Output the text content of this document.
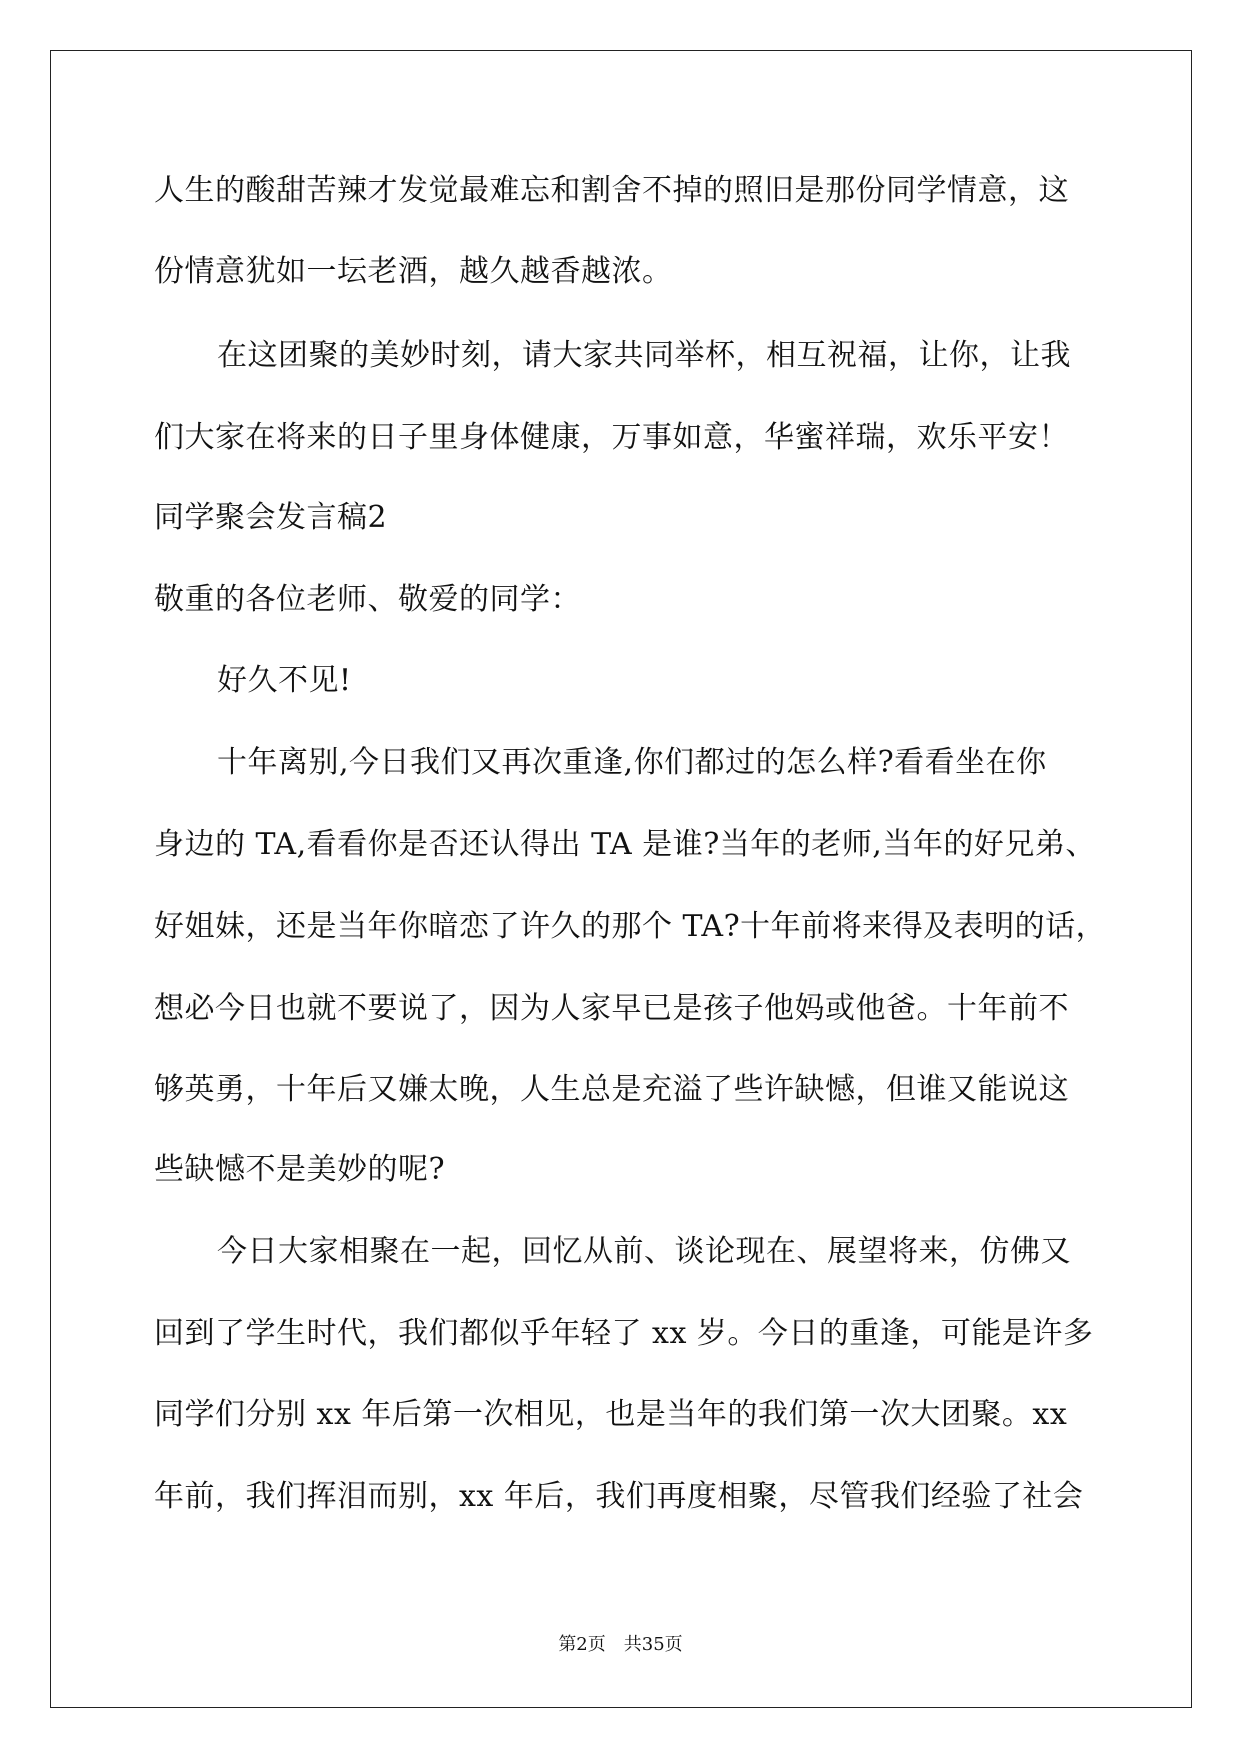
人生的酸甜苦辣才发觉最难忘和割舍不掉的照旧是那份同学情意，这
份情意犹如一坛老酒，越久越香越浓。
在这团聚的美妙时刻，请大家共同举杯，相互祝福，让你，让我
们大家在将来的日子里身体健康，万事如意，华蜜祥瑞，欢乐平安！
同学聚会发言稿2
敬重的各位老师、敬爱的同学：
好久不见!
十年离别,今日我们又再次重逢,你们都过的怎么样?看看坐在你
身边的 TA,看看你是否还认得出 TA 是谁?当年的老师,当年的好兄弟、
好姐妹，还是当年你暗恋了许久的那个 TA?十年前将来得及表明的话，
想必今日也就不要说了，因为人家早已是孩子他妈或他爸。十年前不
够英勇，十年后又嫌太晚，人生总是充溢了些许缺憾，但谁又能说这
些缺憾不是美妙的呢?
今日大家相聚在一起，回忆从前、谈论现在、展望将来，仿佛又
回到了学生时代，我们都似乎年轻了 xx 岁。今日的重逢，可能是许多
同学们分别 xx 年后第一次相见，也是当年的我们第一次大团聚。xx
年前，我们挥泪而别，xx 年后，我们再度相聚，尽管我们经验了社会
第2页　共35页
